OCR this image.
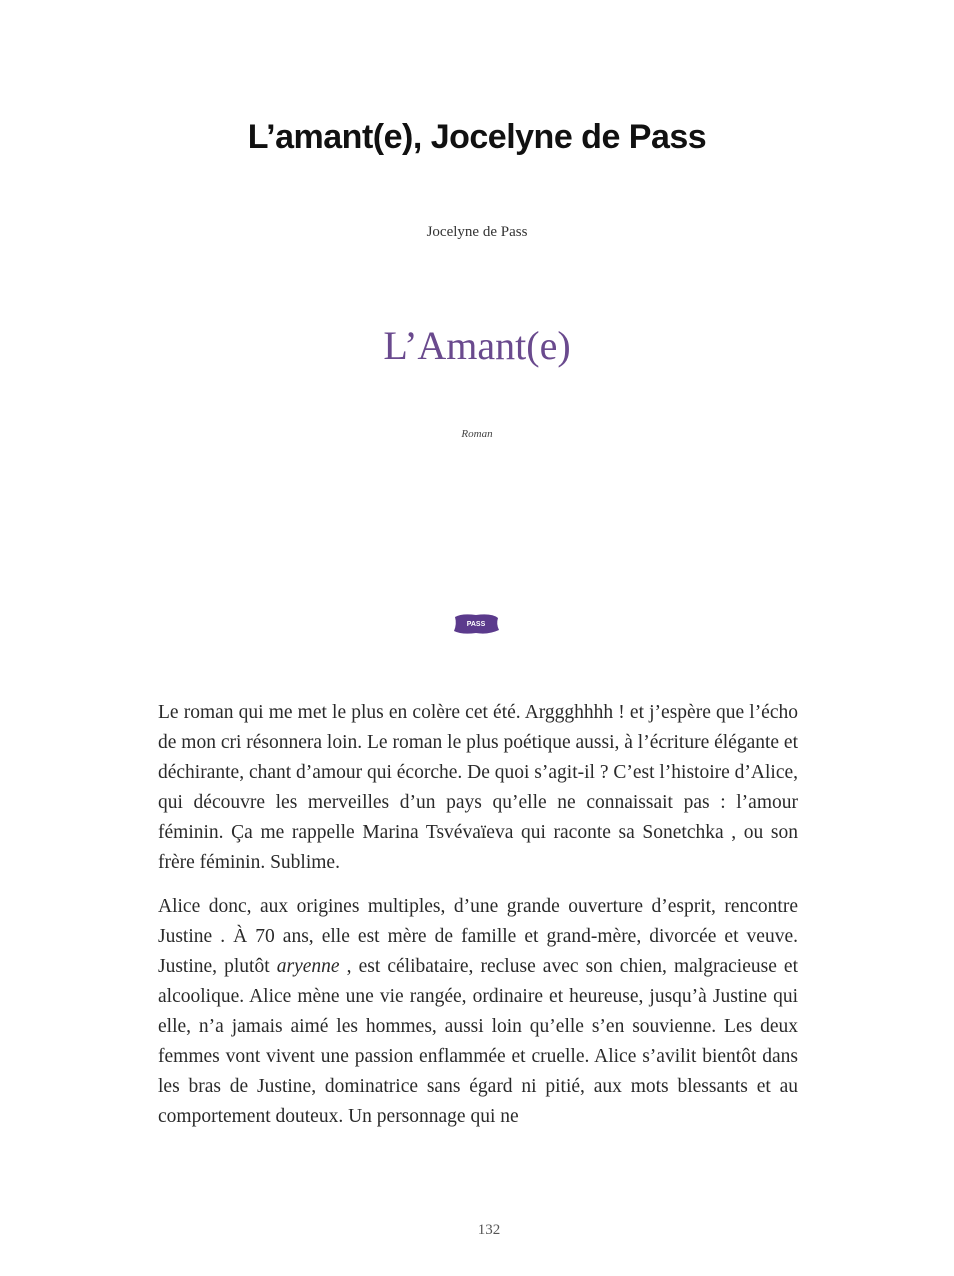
L’amant(e), Jocelyne de Pass
Jocelyne de Pass
L’Amant(e)
Roman
PASS

Le roman qui me met le plus en colère cet été. Arggghhhh ! et j’espère que l’écho de mon cri résonnera loin. Le roman le plus poétique aussi, à l’écriture élégante et déchirante, chant d’amour qui écorche. De quoi s’agit-il ? C’est l’histoire d’Alice, qui découvre les merveilles d’un pays qu’elle ne connaissait pas : l’amour féminin. Ça me rappelle Marina Tsvévaïeva qui raconte sa Sonetchka , ou son frère féminin. Sublime.

Alice donc, aux origines multiples, d’une grande ouverture d’esprit, rencontre Justine . À 70 ans, elle est mère de famille et grand-mère, divorcée et veuve. Justine, plutôt aryenne , est célibataire, recluse avec son chien, malgracieuse et alcoolique. Alice mène une vie rangée, ordinaire et heureuse, jusqu’à Justine qui elle, n’a jamais aimé les hommes, aussi loin qu’elle s’en souvienne. Les deux femmes vont vivent une passion enflammée et cruelle. Alice s’avilit bientôt dans les bras de Justine, dominatrice sans égard ni pitié, aux mots blessants et au comportement douteux. Un personnage qui ne

132
